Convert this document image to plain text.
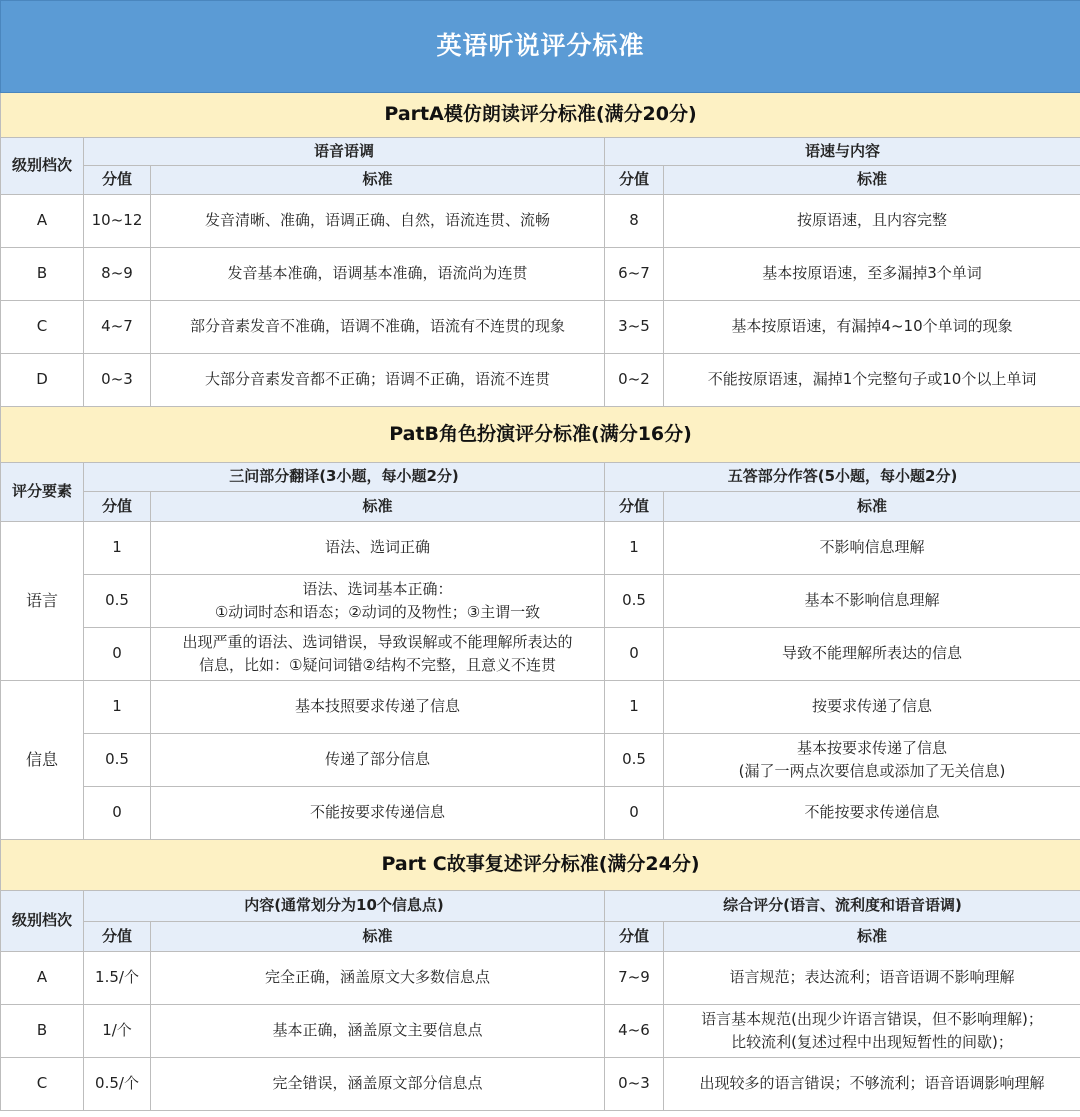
英语听说评分标准				
PartA模仿朗读评分标准(满分20分)				
级别档次	语音语调		语速与内容	
	分值	标准	分值	标准
A	10~12	发音清晰、准确，语调正确、自然，语流连贯、流畅	8	按原语速，且内容完整
B	8~9	发音基本准确，语调基本准确，语流尚为连贯	6~7	基本按原语速，至多漏掉3个单词
C	4~7	部分音素发音不准确，语调不准确，语流有不连贯的现象	3~5	基本按原语速，有漏掉4~10个单词的现象
D	0~3	大部分音素发音都不正确；语调不正确，语流不连贯	0~2	不能按原语速，漏掉1个完整句子或10个以上单词
PatB角色扮演评分标准(满分16分)				
评分要素	三问部分翻译(3小题，每小题2分)		五答部分作答(5小题，每小题2分)	
	分值	标准	分值	标准
语言	1	语法、选词正确	1	不影响信息理解

	0.5	语法、选词基本正确：
①动词时态和语态；②动词的及物性；③主谓一致	0.5	基本不影响信息理解

	0	出现严重的语法、选词错误，导致误解或不能理解所表达的
信息，比如：①疑问词错②结构不完整，且意义不连贯	0	导致不能理解所表达的信息

信息	1	基本技照要求传递了信息	1	按要求传递了信息

	0.5	传递了部分信息	0.5	基本按要求传递了信息
(漏了一两点次要信息或添加了无关信息)

	0	不能按要求传递信息	0	不能按要求传递信息

Part C故事复述评分标准(满分24分)				
级别档次	内容(通常划分为10个信息点)		综合评分(语言、流利度和语音语调)	
	分值	标准	分值	标准
A	1.5/个	完全正确，涵盖原文大多数信息点	7~9	语言规范；表达流利；语音语调不影响理解

B	1/个	基本正确，涵盖原文主要信息点	4~6	语言基本规范(出现少许语言错误，但不影响理解)；
比较流利(复述过程中出现短暂性的间歇)；

C	0.5/个	完全错误，涵盖原文部分信息点	0~3	出现较多的语言错误；不够流利；语音语调影响理解
